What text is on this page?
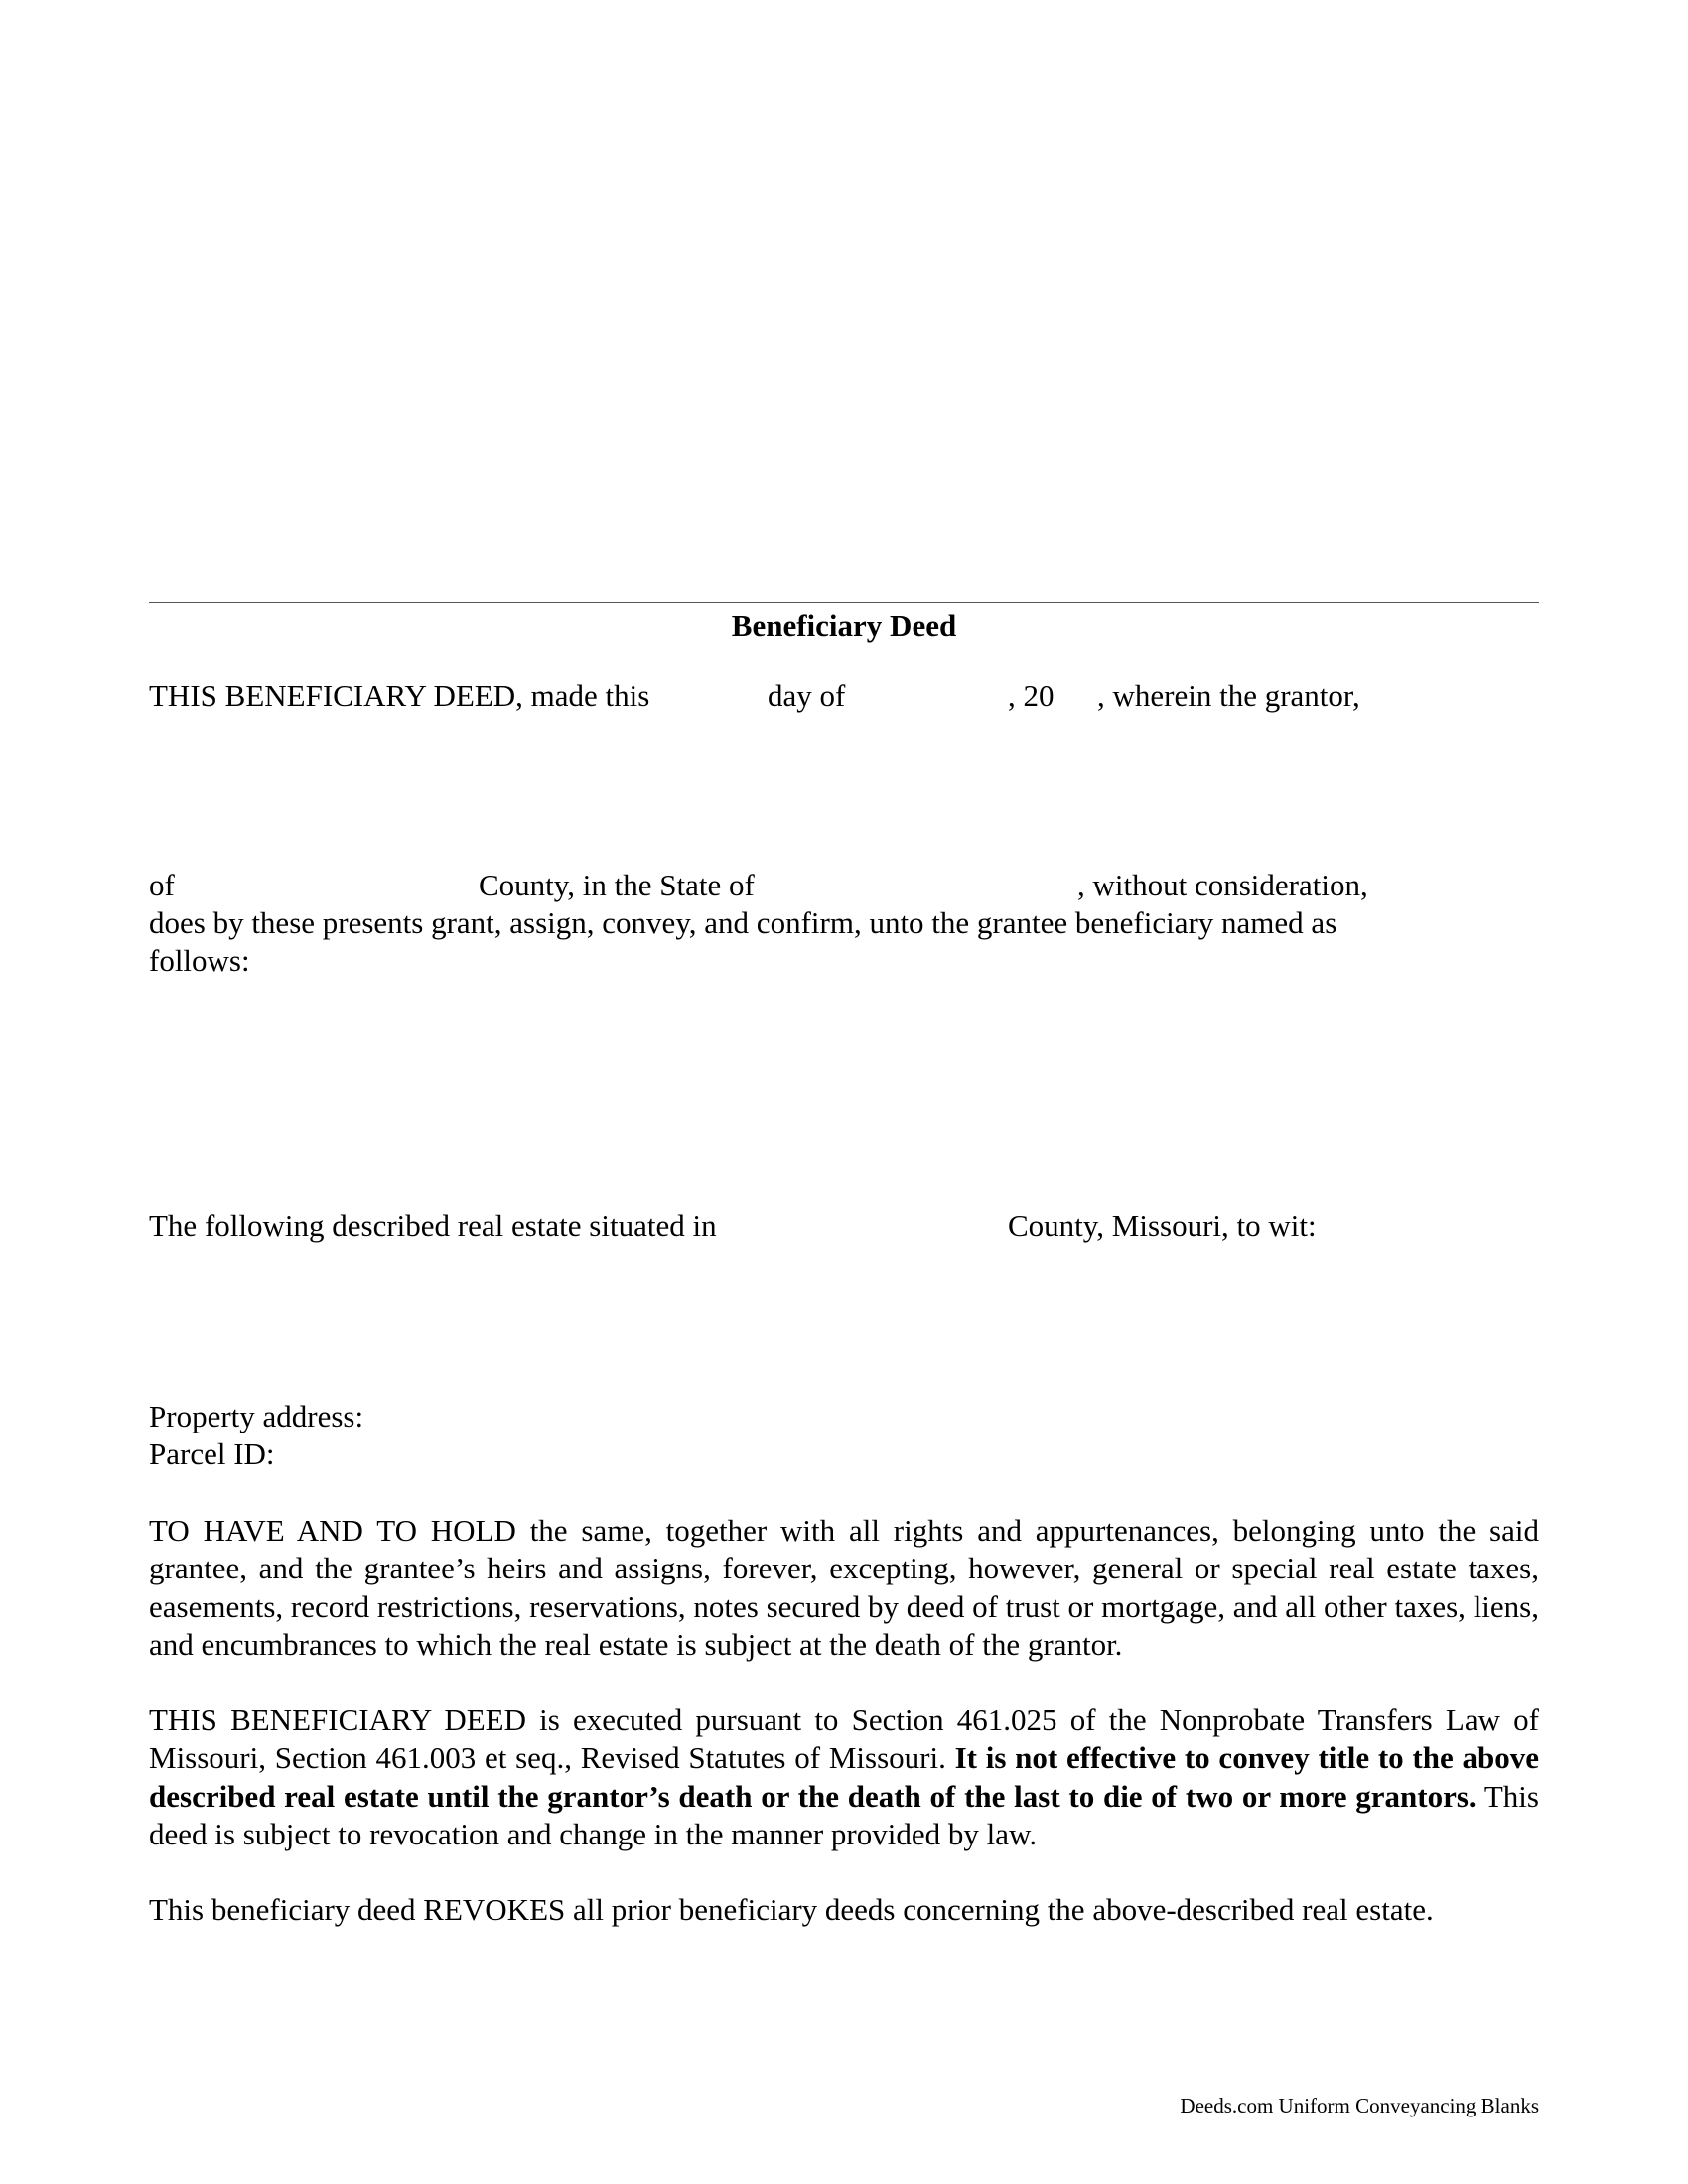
Beneficiary Deed
THIS BENEFICIARY DEED, made this	day of	, 20 , wherein the grantor,
of	County, in the State of	, without consideration,
does by these presents grant, assign, convey, and confirm, unto the grantee beneficiary named as
follows:
The following described real estate situated in	County, Missouri, to wit:
Property address:
Parcel ID:
TO HAVE AND TO HOLD the same, together with all rights and appurtenances, belonging unto the said grantee, and the grantee’s heirs and assigns, forever, excepting, however, general or special real estate taxes, easements, record restrictions, reservations, notes secured by deed of trust or mortgage, and all other taxes, liens, and encumbrances to which the real estate is subject at the death of the grantor.
THIS BENEFICIARY DEED is executed pursuant to Section 461.025 of the Nonprobate Transfers Law of Missouri, Section 461.003 et seq., Revised Statutes of Missouri. It is not effective to convey title to the above described real estate until the grantor’s death or the death of the last to die of two or more grantors. This deed is subject to revocation and change in the manner provided by law.
This beneficiary deed REVOKES all prior beneficiary deeds concerning the above-described real estate.
Deeds.com Uniform Conveyancing Blanks
